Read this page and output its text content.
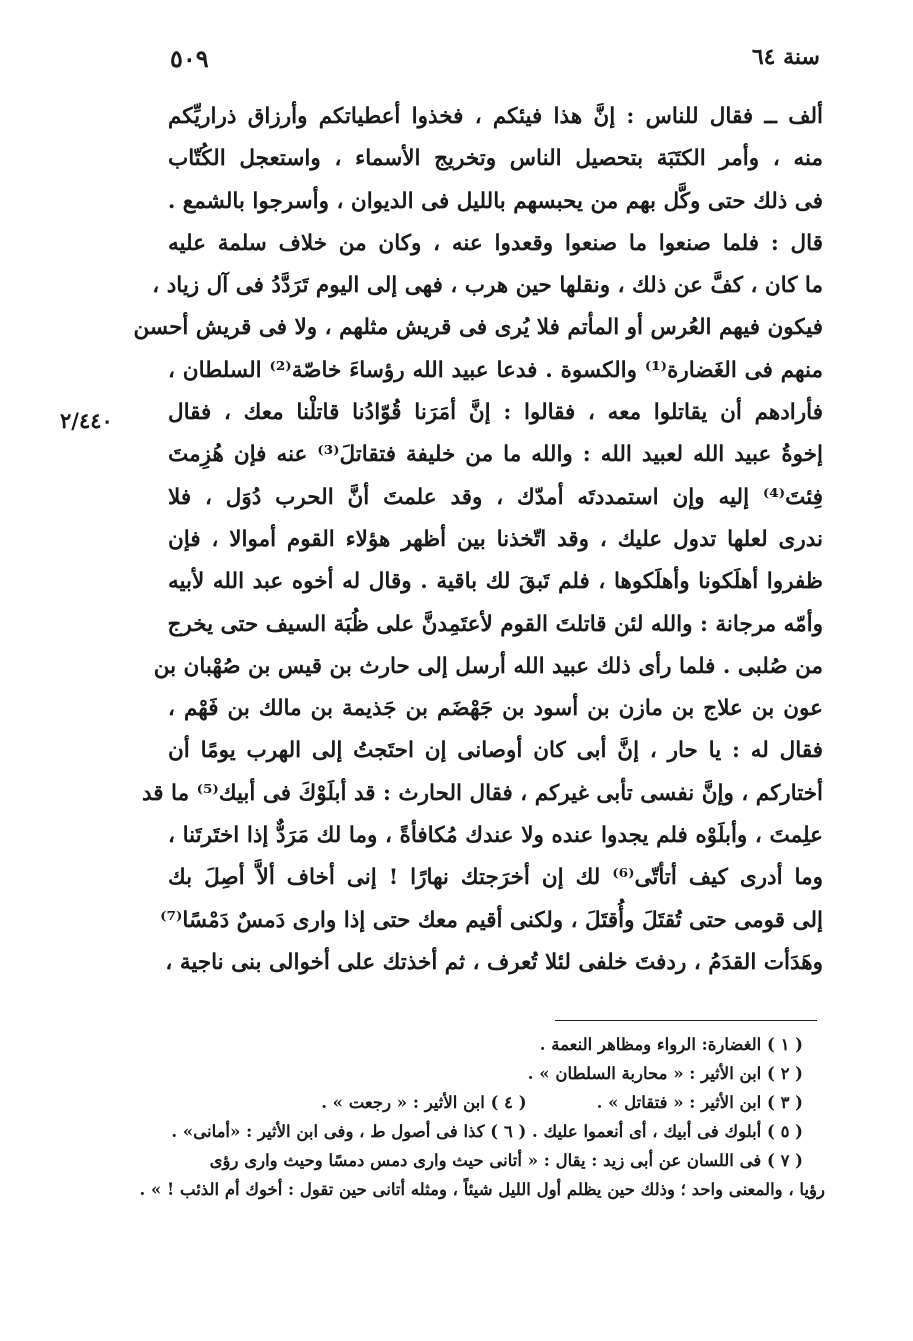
سنة ٦٤
٥٠٩
٢/٤٤٠
ألف ــ فقال للناس : إنَّ هذا فيئكم ، فخذوا أعطياتكم وأرزاق ذراريِّكم
منه ، وأمر الكتَبَة بتحصيل الناس وتخريج الأسماء ، واستعجل الكُتّاب
فى ذلك حتى وكَّل بهم من يحبسهم بالليل فى الديوان ، وأسرجوا بالشمع .
قال : فلما صنعوا ما صنعوا وقعدوا عنه ، وكان من خلاف سلمة عليه
ما كان ، كفَّ عن ذلك ، ونقلها حين هرب ، فهى إلى اليوم تَرَدَّدُ فى آل زياد ،
فيكون فيهم العُرس أو المأتم فلا يُرى فى قريش مثلهم ، ولا فى قريش أحسن
منهم فى الغَضارة⁽¹⁾ والكسوة . فدعا عبيد الله رؤساءَ خاصّة⁽²⁾ السلطان ،
فأرادهم أن يقاتلوا معه ، فقالوا : إنَّ أمَرَنا قُوّادُنا قاتلْنا معك ، فقال
إخوةُ عبيد الله لعبيد الله : والله ما من خليفة فتقاتلَ⁽³⁾ عنه فإن هُزِمتَ
فِئتَ⁽⁴⁾ إليه وإن استمددتَه أمدّك ، وقد علمتَ أنَّ الحرب دُوَل ، فلا
ندرى لعلها تدول عليك ، وقد اتّخذنا بين أظهر هؤلاء القوم أموالا ، فإن
ظفروا أهلَكونا وأهلَكوها ، فلم تَبقَ لك باقية . وقال له أخوه عبد الله لأبيه
وأمّه مرجانة : والله لئن قاتلتَ القوم لأعتَمِدنَّ على ظُبَة السيف حتى يخرج
من صُلبى . فلما رأى ذلك عبيد الله أرسل إلى حارث بن قيس بن صُهْبان بن
عون بن علاج بن مازن بن أسود بن جَهْضَم بن جَذيمة بن مالك بن فَهْم ،
فقال له : يا حار ، إنَّ أبى كان أوصانى إن احتَجتُ إلى الهرب يومًا أن
أختاركم ، وإنَّ نفسى تأبى غيركم ، فقال الحارث : قد أبلَوْكَ فى أبيك⁽⁵⁾ ما قد
علِمتَ ، وأبلَوْه فلم يجدوا عنده ولا عندك مُكافأةً ، وما لك مَرَدٌّ إذا اختَرتَنا ،
وما أدرى كيف أتأتّى⁽⁶⁾ لك إن أخرَجتك نهارًا ! إنى أخاف ألاَّ أصِلَ بك
إلى قومى حتى تُقتَلَ وأُقتَلَ ، ولكنى أقيم معك حتى إذا وارى دَمسٌ دَمْسًا⁽⁷⁾
وهَدَأت القدَمُ ، ردفتَ خلفى لئلا تُعرف ، ثم أخذتك على أخوالى بنى ناجية ،
( ١ ) الغضارة: الرواء ومظاهر النعمة .
( ٢ ) ابن الأثير : « محاربة السلطان » .
( ٣ ) ابن الأثير : « فتقاتل » .
( ٤ ) ابن الأثير : « رجعت » .
( ٥ ) أبلوك فى أبيك ، أى أنعموا عليك . ( ٦ ) كذا فى أصول ط ، وفى ابن الأثير : «أمانى» .
( ٧ ) فى اللسان عن أبى زيد : يقال : « أتانى حيث وارى دمس دمسًا وحيث وارى رؤى
رؤيا ، والمعنى واحد ؛ وذلك حين يظلم أول الليل شيئاً ، ومثله أتانى حين تقول : أخوك أم الذئب ! » .
